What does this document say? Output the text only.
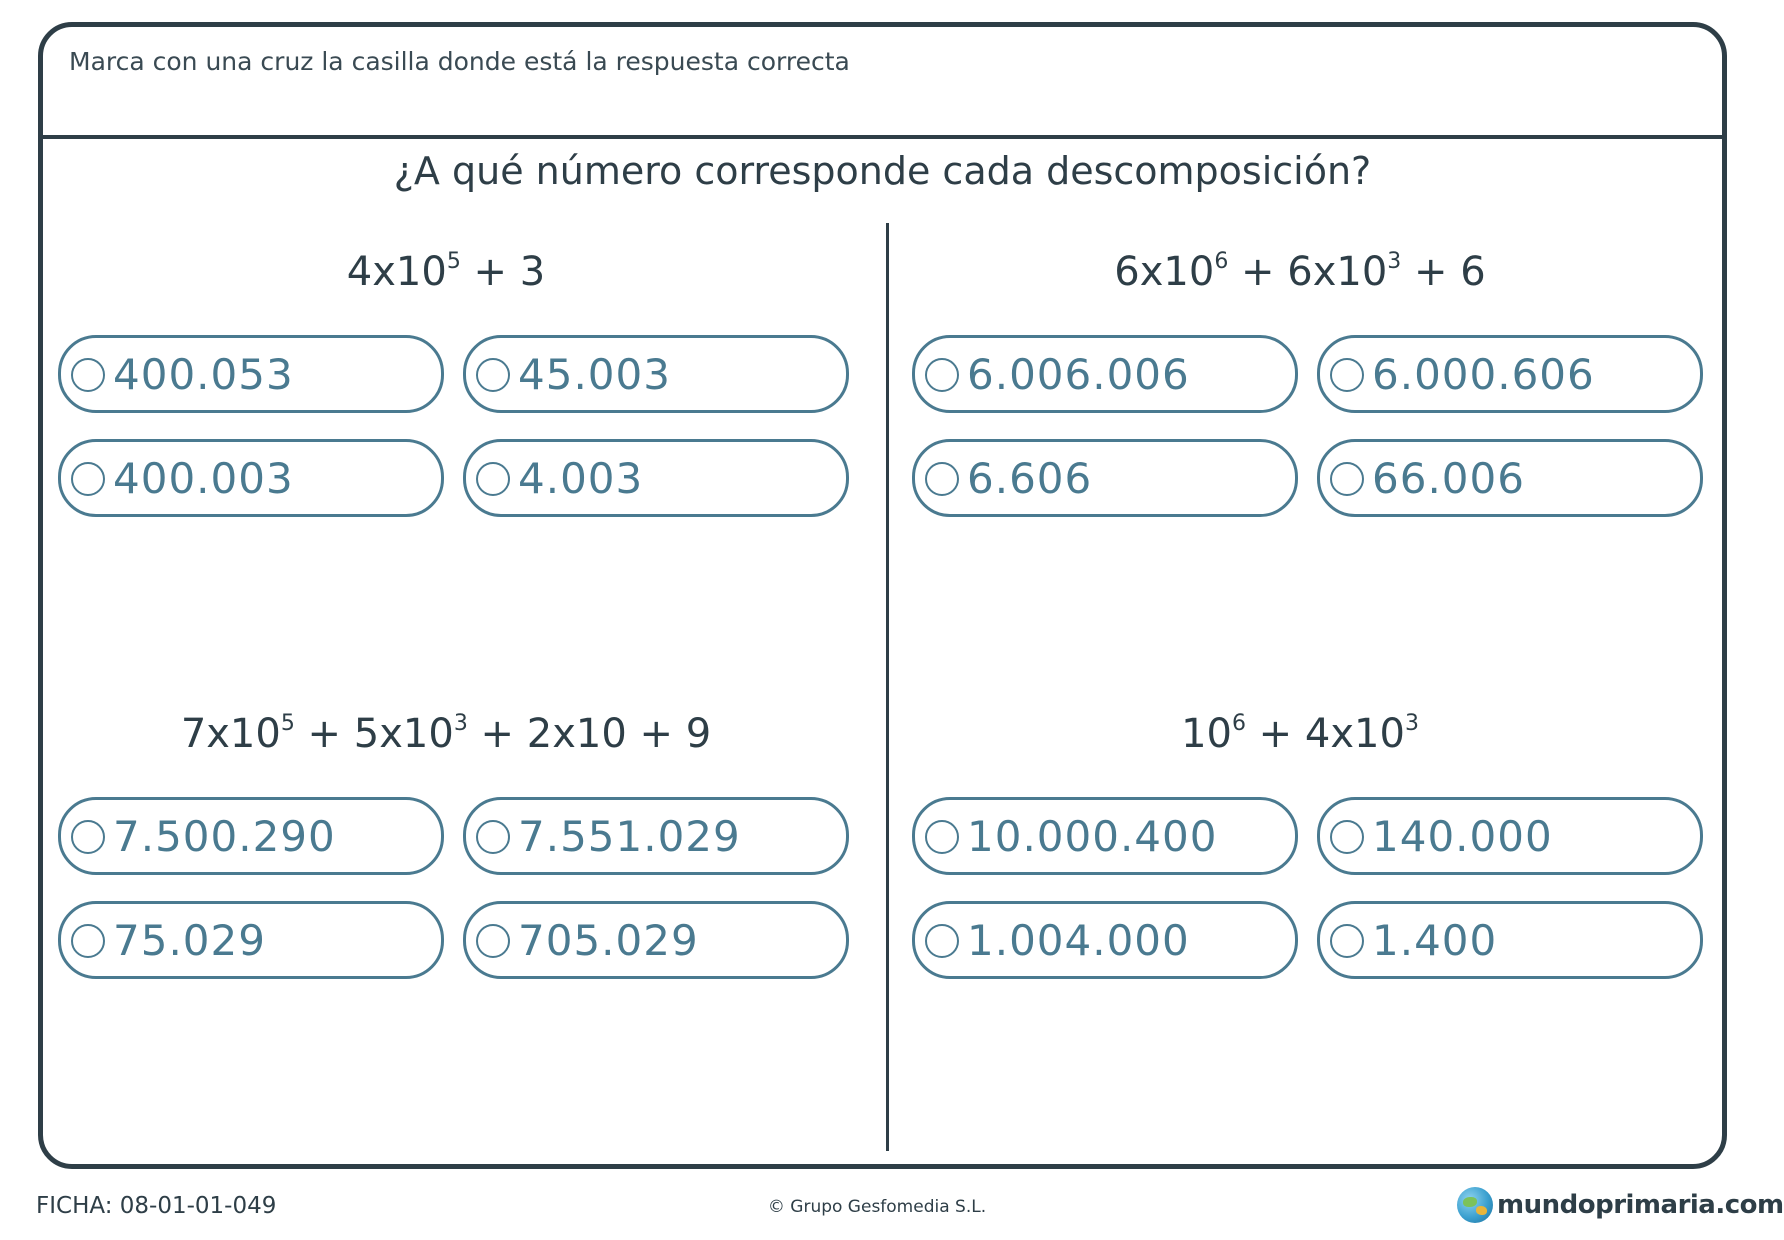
Marca con una cruz la casilla donde está la respuesta correcta
¿A qué número corresponde cada descomposición?
$4x10^5 + 3$
400.053	45.003
400.003	4.003
$6x10^6 + 6x10^3 + 6$
6.006.006	6.000.606
6.606	66.006
$7x10^5 + 5x10^3 + 2x10 + 9$
7.500.290	7.551.029
75.029	705.029
$10^6 + 4x10^3$
10.000.400	140.000
1.004.000	1.400
FICHA: 08-01-01-049	© Grupo Gesfomedia S.L.	mundoprimaria.com
